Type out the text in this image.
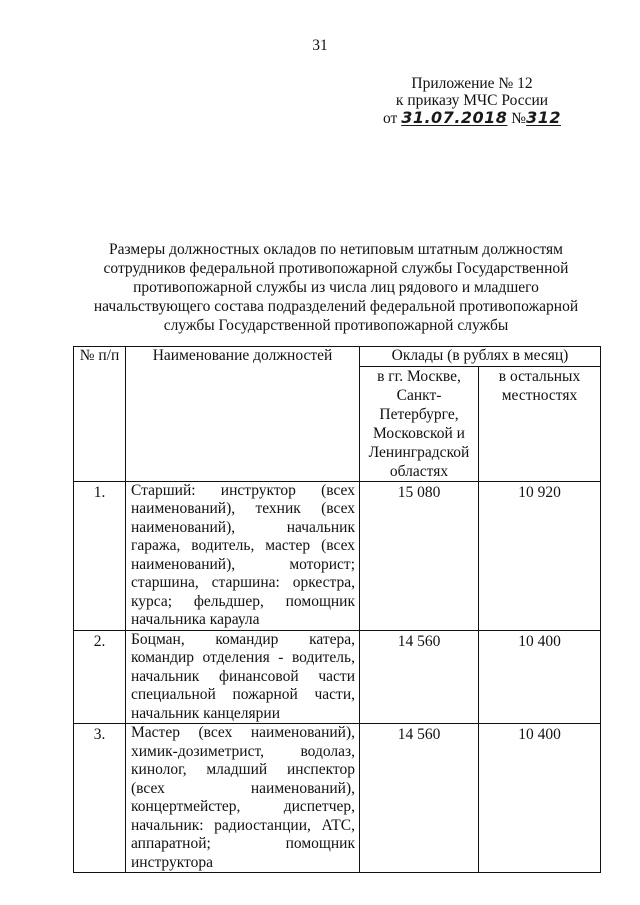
31
Приложение № 12
к приказу МЧС России
от 31.07.2018 №312
Размеры должностных окладов по нетиповым штатным должностям сотрудников федеральной противопожарной службы Государственной противопожарной службы из числа лиц рядового и младшего начальствующего состава подразделений федеральной противопожарной службы Государственной противопожарной службы
№ п/п	Наименование должностей	Оклады (в рублях в месяц)	
		в гг. Москве, Санкт-Петербурге, Московской и Ленинградской областях	в остальных местностях
1.	Старший: инструктор (всех наименований), техник (всех наименований), начальник гаража, водитель, мастер (всех наименований), моторист; старшина, старшина: оркестра, курса; фельдшер, помощник начальника караула	15 080	10 920
2.	Боцман, командир катера, командир отделения - водитель, начальник финансовой части специальной пожарной части, начальник канцелярии	14 560	10 400
3.	Мастер (всех наименований), химик-дозиметрист, водолаз, кинолог, младший инспектор (всех наименований), концертмейстер, диспетчер, начальник: радиостанции, АТС, аппаратной; помощник инструктора	14 560	10 400
